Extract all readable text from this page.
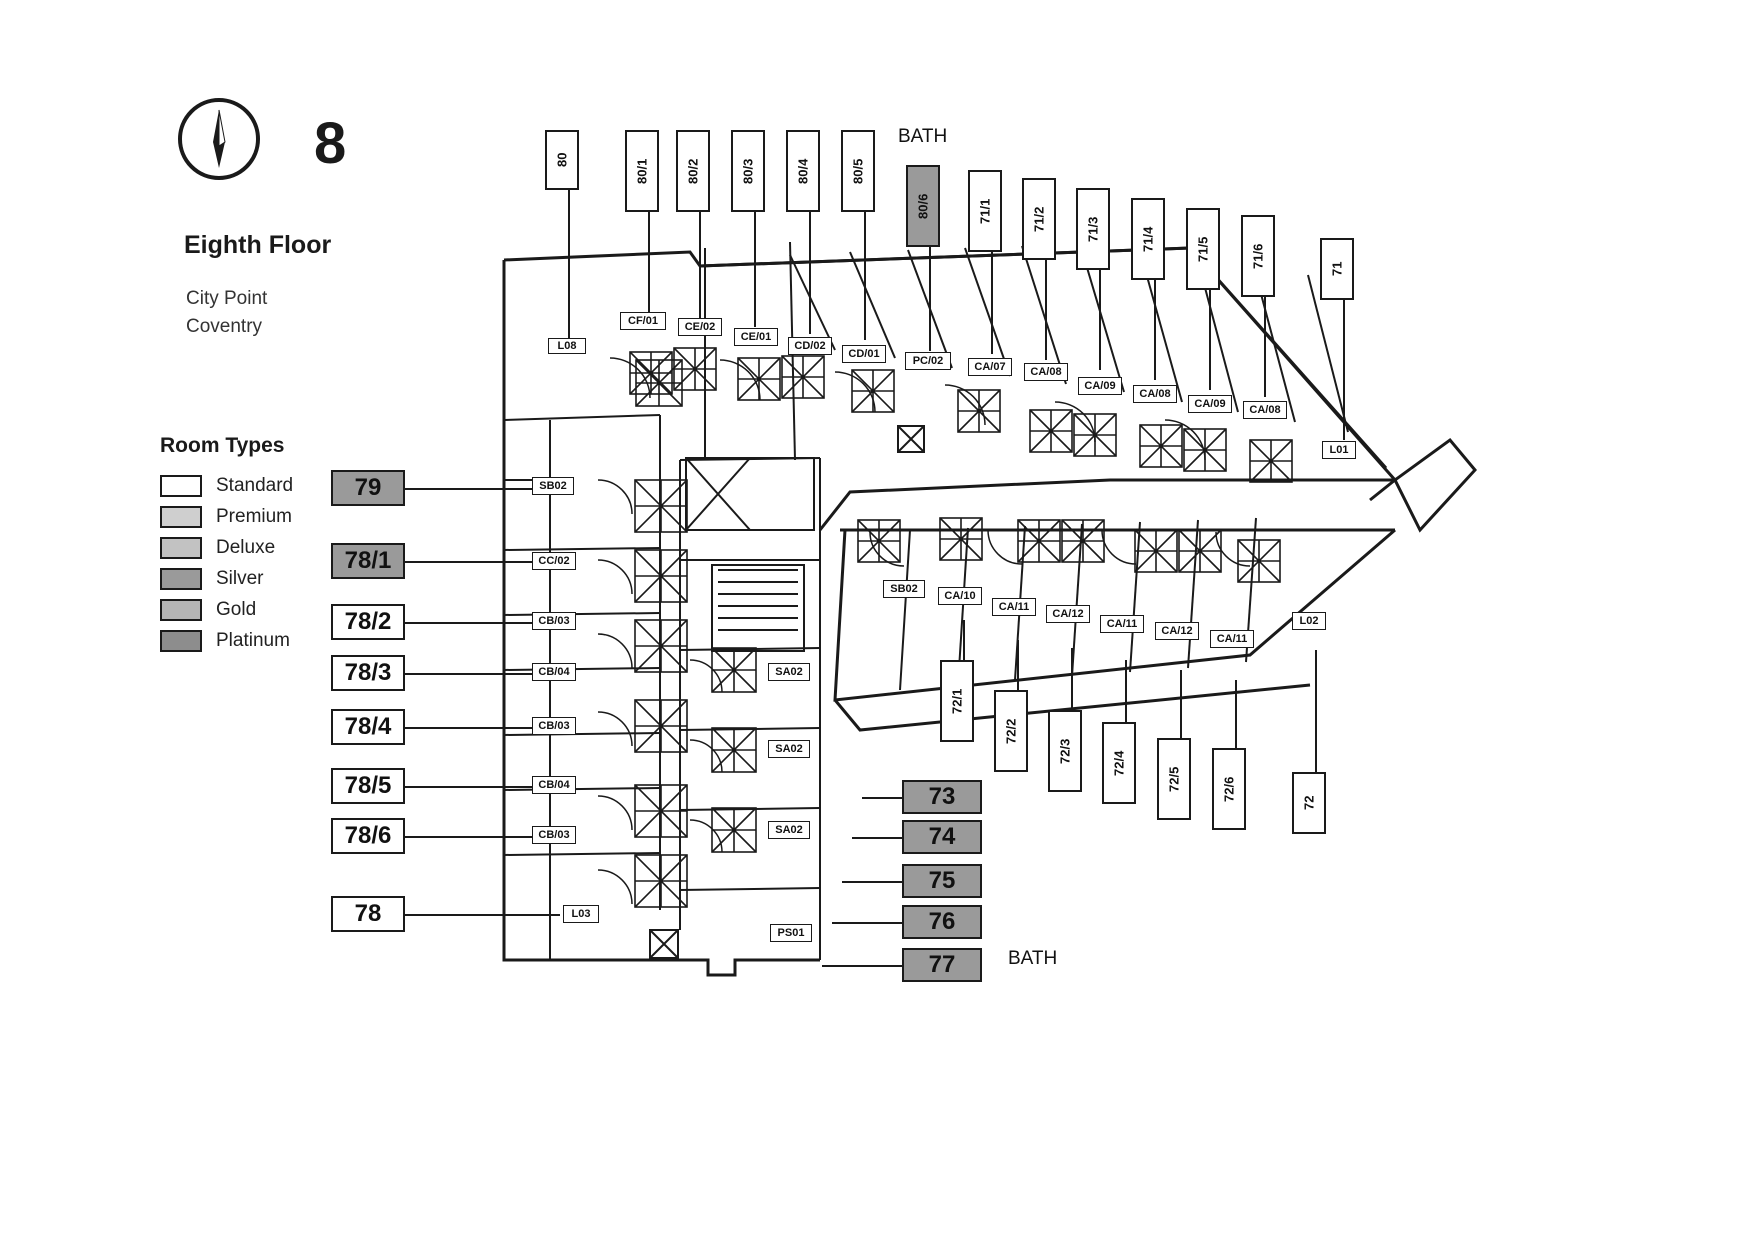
8
Eighth Floor
City Point
Coventry
Room Types
Standard
Premium
Deluxe
Silver
Gold
Platinum
BATH
BATH
80	80/1	80/2	80/3	80/4	80/5
80/6	71/1	71/2	71/3	71/4	71/5	71/6
71
72/1
72/2
72/3	72/4
72/5	72/6
72
79
78/1
78/2
78/3
78/4
78/5
78/6
78
73
74
75
76
77
L08
CF/01	CE/02
CE/01
CD/02
CD/01
PC/02	CA/07	CA/08
CA/09
CA/08
CA/09	CA/08
L01
SB02
CC/02
CB/03
CB/04
CB/03
CB/04
CB/03
L03
SA02
SA02
SA02
PS01
SB02
CA/10
CA/11
CA/12
CA/11
CA/12
CA/11
L02
